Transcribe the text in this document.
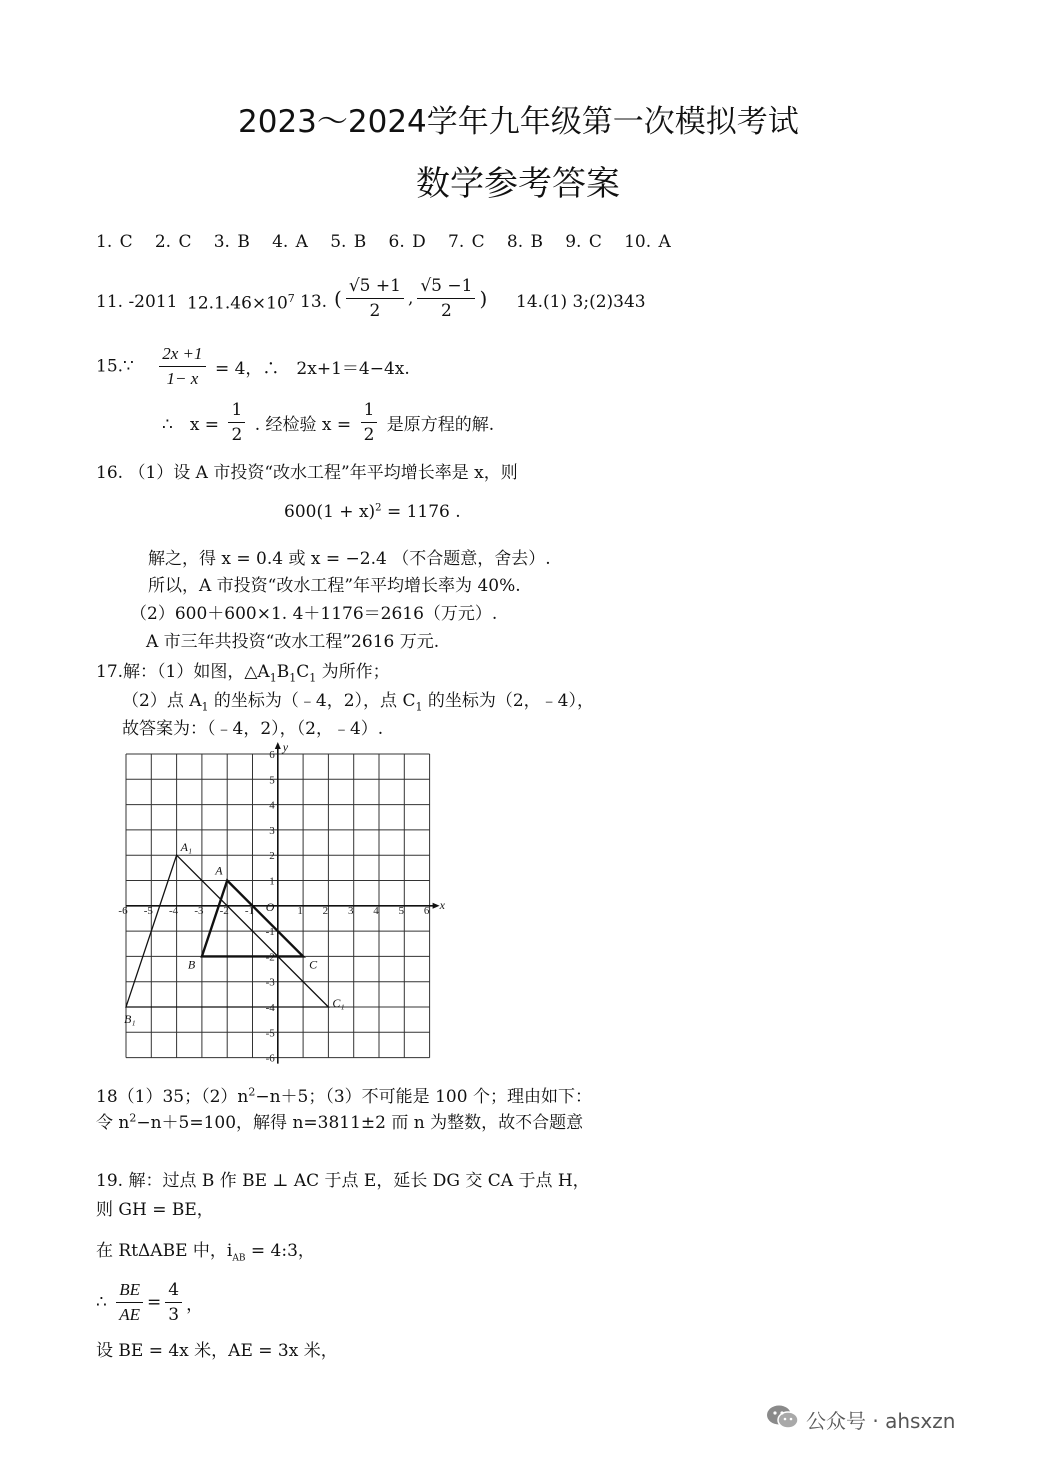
2023～2024学年九年级第一次模拟考试
数学参考答案
1. C 2. C 3. B 4. A 5. B 6. D 7. C 8. B 9. C 10. A
11. -2011 $12.1.46\times 10^7$ 13. ( $\frac{√5 +1}{2}$ , $\frac{√5 -1}{2}$ ) 14.(1) 3;(2)343
15.∵ $\frac{2x +1}{1- x} = 4$，∴　2x+1＝4−4x.
∴　$x = \frac{1}{2}$ . 经检验 $x = \frac{1}{2}$ 是原方程的解.
16. （1）设 A 市投资“改水工程”年平均增长率是 x，则
$600(1 + x)^2 = 1176$ .
解之，得 x = 0.4 或 x = −2.4 （不合题意，舍去）.
所以，A 市投资“改水工程”年平均增长率为 40%.
（2）600＋600×1. 4＋1176＝2616（万元）.
A 市三年共投资“改水工程”2616 万元.
17.解：（1）如图，$\triangle A_1B_1C_1$ 为所作；
（2）点 $A_1$ 的坐标为（﹣4，2），点 $C_1$ 的坐标为（2，﹣4），
故答案为：（﹣4，2），（2，﹣4）.
x
y
O
-6 -5 -4 -3 -2 -1	1 2 3 4 5 6
6
5
4
3
2
1
-1
-2
-3
-4
-5
-6
A
B	C
A₁
B₁
C₁
18（1）35；$(2)n^2-n+5$；（3）不可能是 100 个；理由如下：
令 $n^2-n+5=100$，解得 n=3811±2 而 n 为整数，故不合题意
19. 解：过点 B 作 BE ⊥ AC 于点 E，延长 DG 交 CA 于点 H，
则 GH = BE，
在 RtΔABE 中，$i_{AB}$ = 4:3，
∴ $\frac{BE}{AE} = \frac{4}{3}$ ，
设 BE = 4x 米，AE = 3x 米，
公众号 · ahsxzn
